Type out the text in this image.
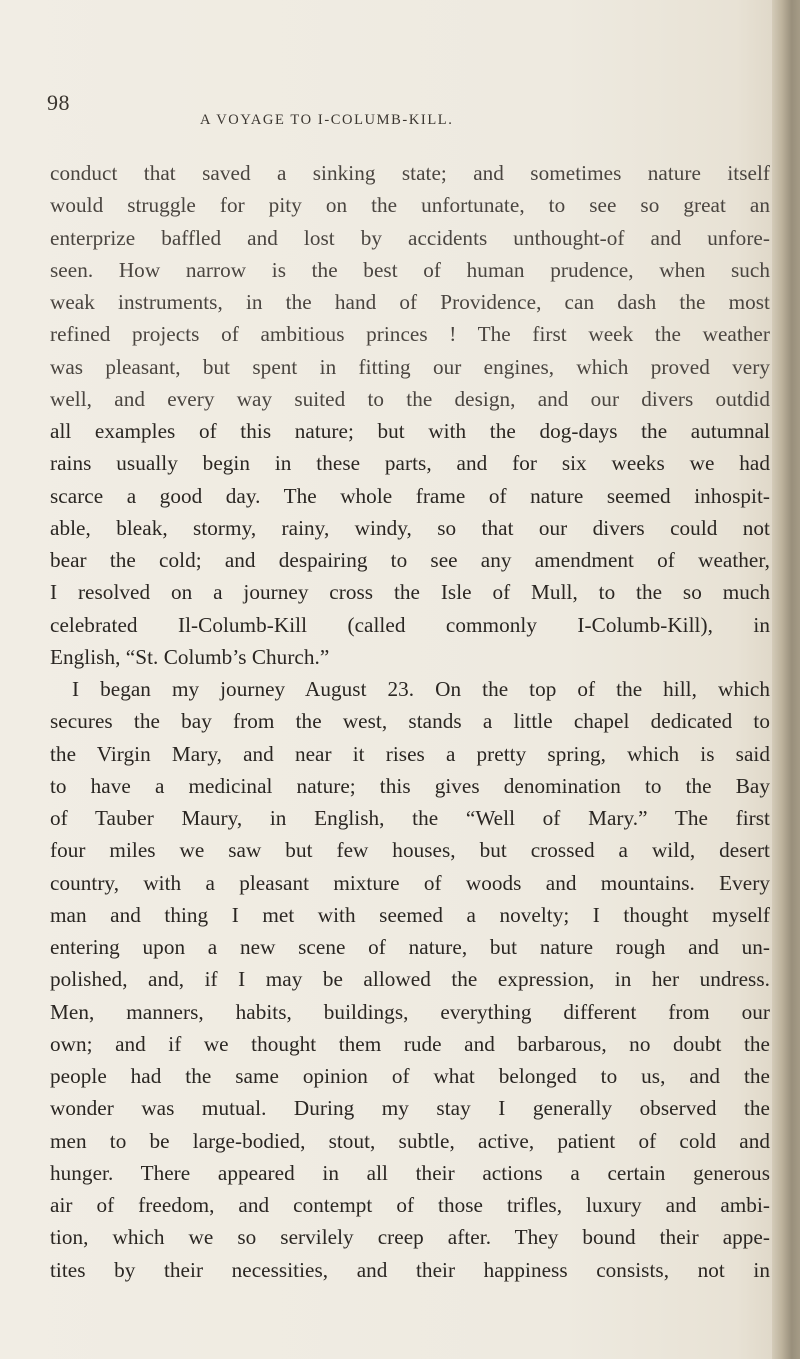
98
A VOYAGE TO I-COLUMB-KILL.
conduct that saved a sinking state; and sometimes nature itself
would struggle for pity on the unfortunate, to see so great an
enterprize baffled and lost by accidents unthought-of and unfore-
seen. How narrow is the best of human prudence, when such
weak instruments, in the hand of Providence, can dash the most
refined projects of ambitious princes ! The first week the weather
was pleasant, but spent in fitting our engines, which proved very
well, and every way suited to the design, and our divers outdid
all examples of this nature; but with the dog-days the autumnal
rains usually begin in these parts, and for six weeks we had
scarce a good day. The whole frame of nature seemed inhospit-
able, bleak, stormy, rainy, windy, so that our divers could not
bear the cold; and despairing to see any amendment of weather,
I resolved on a journey cross the Isle of Mull, to the so much
celebrated Il-Columb-Kill (called commonly I-Columb-Kill), in
English, “St. Columb’s Church.”
I began my journey August 23. On the top of the hill, which
secures the bay from the west, stands a little chapel dedicated to
the Virgin Mary, and near it rises a pretty spring, which is said
to have a medicinal nature; this gives denomination to the Bay
of Tauber Maury, in English, the “Well of Mary.” The first
four miles we saw but few houses, but crossed a wild, desert
country, with a pleasant mixture of woods and mountains. Every
man and thing I met with seemed a novelty; I thought myself
entering upon a new scene of nature, but nature rough and un-
polished, and, if I may be allowed the expression, in her undress.
Men, manners, habits, buildings, everything different from our
own; and if we thought them rude and barbarous, no doubt the
people had the same opinion of what belonged to us, and the
wonder was mutual. During my stay I generally observed the
men to be large-bodied, stout, subtle, active, patient of cold and
hunger. There appeared in all their actions a certain generous
air of freedom, and contempt of those trifles, luxury and ambi-
tion, which we so servilely creep after. They bound their appe-
tites by their necessities, and their happiness consists, not in
